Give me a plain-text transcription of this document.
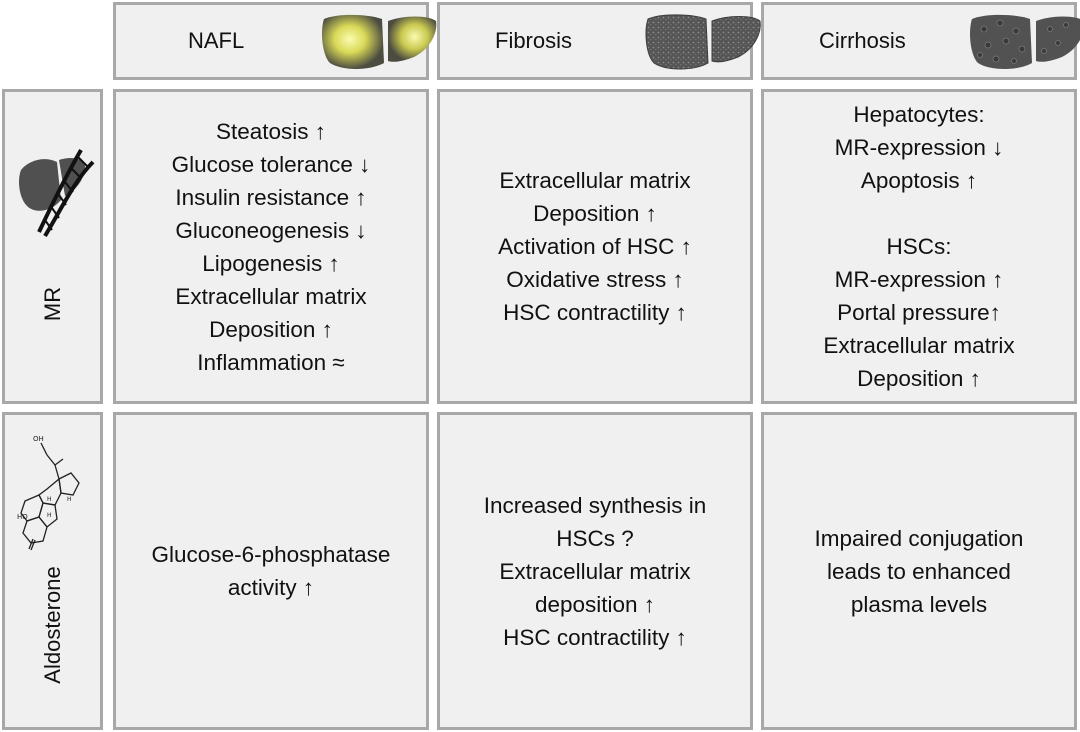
NAFL	Fibrosis	Cirrhosis
MR
Steatosis ↑
Glucose tolerance ↓
Insulin resistance ↑
Gluconeogenesis ↓
Lipogenesis ↑
Extracellular matrix
Deposition ↑
Inflammation ≈
Extracellular matrix
Deposition ↑
Activation of HSC ↑
Oxidative stress ↑
HSC contractility ↑
Hepatocytes:
MR-expression ↓
Apoptosis ↑
HSCs:
MR-expression ↑
Portal pressure↑
Extracellular matrix
Deposition ↑
OH
HO
H
H
H
Aldosterone
Glucose-6-phosphatase
activity ↑
Increased synthesis in
HSCs ?
Extracellular matrix
deposition ↑
HSC contractility ↑
Impaired conjugation
leads to enhanced
plasma levels
